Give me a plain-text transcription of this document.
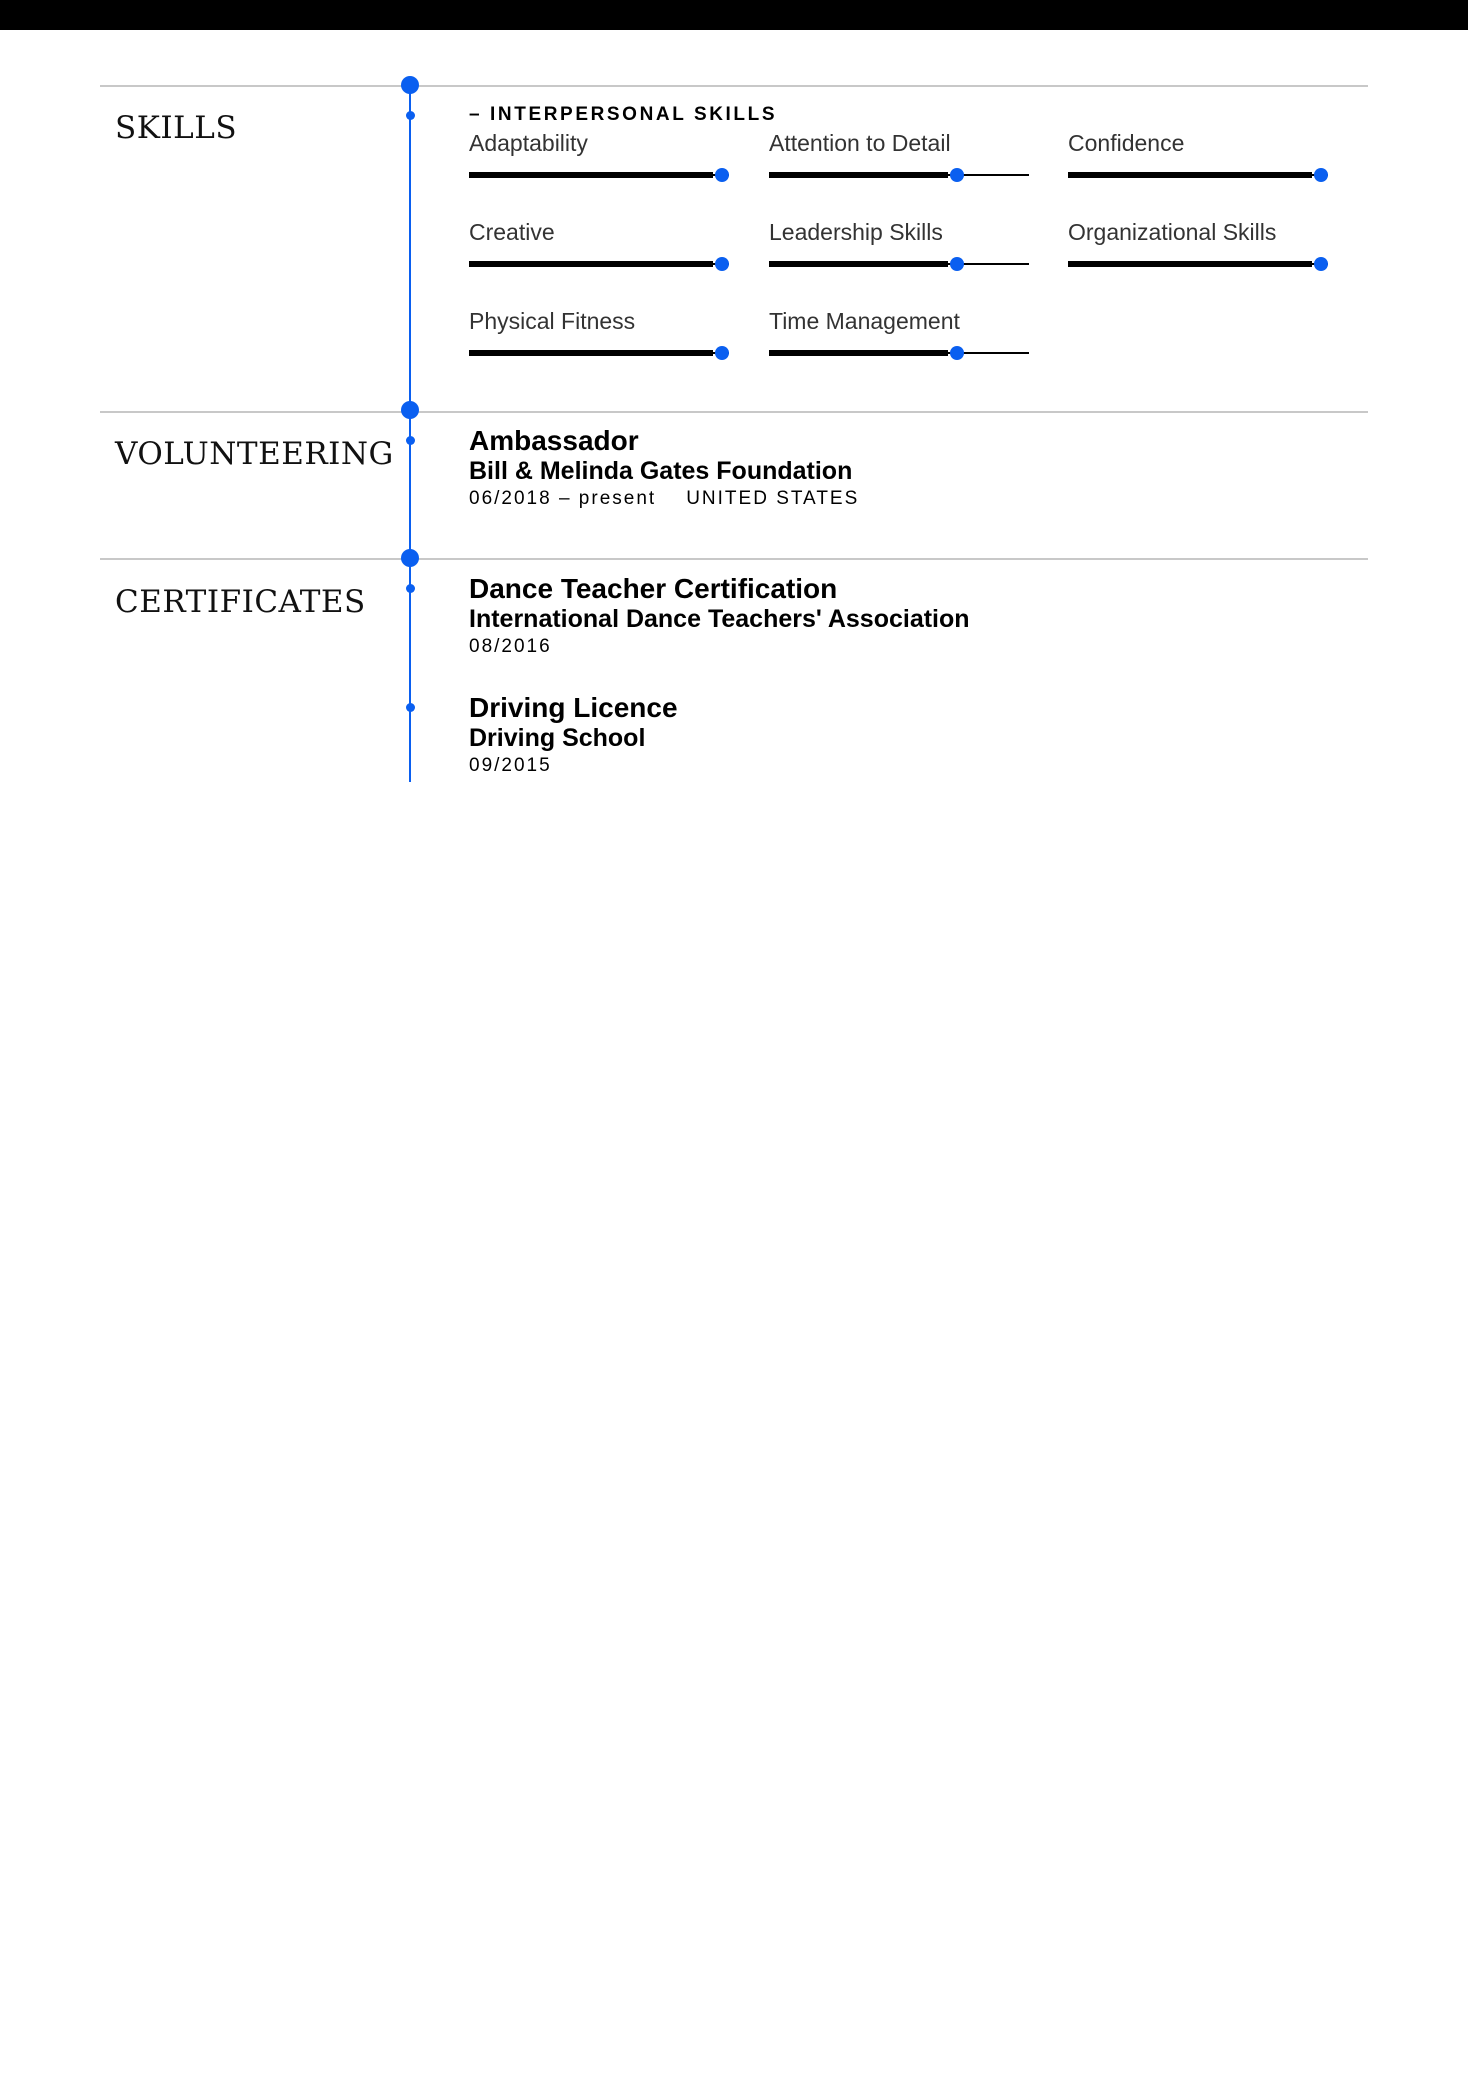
SKILLS	– INTERPERSONAL SKILLS
Adaptability	Attention to Detail	Confidence
Creative	Leadership Skills	Organizational Skills
Physical Fitness	Time Management
VOLUNTEERING	Ambassador
Bill & Melinda Gates Foundation
06/2018 – present UNITED STATES
CERTIFICATES	Dance Teacher Certification
International Dance Teachers' Association
08/2016
Driving Licence
Driving School
09/2015
